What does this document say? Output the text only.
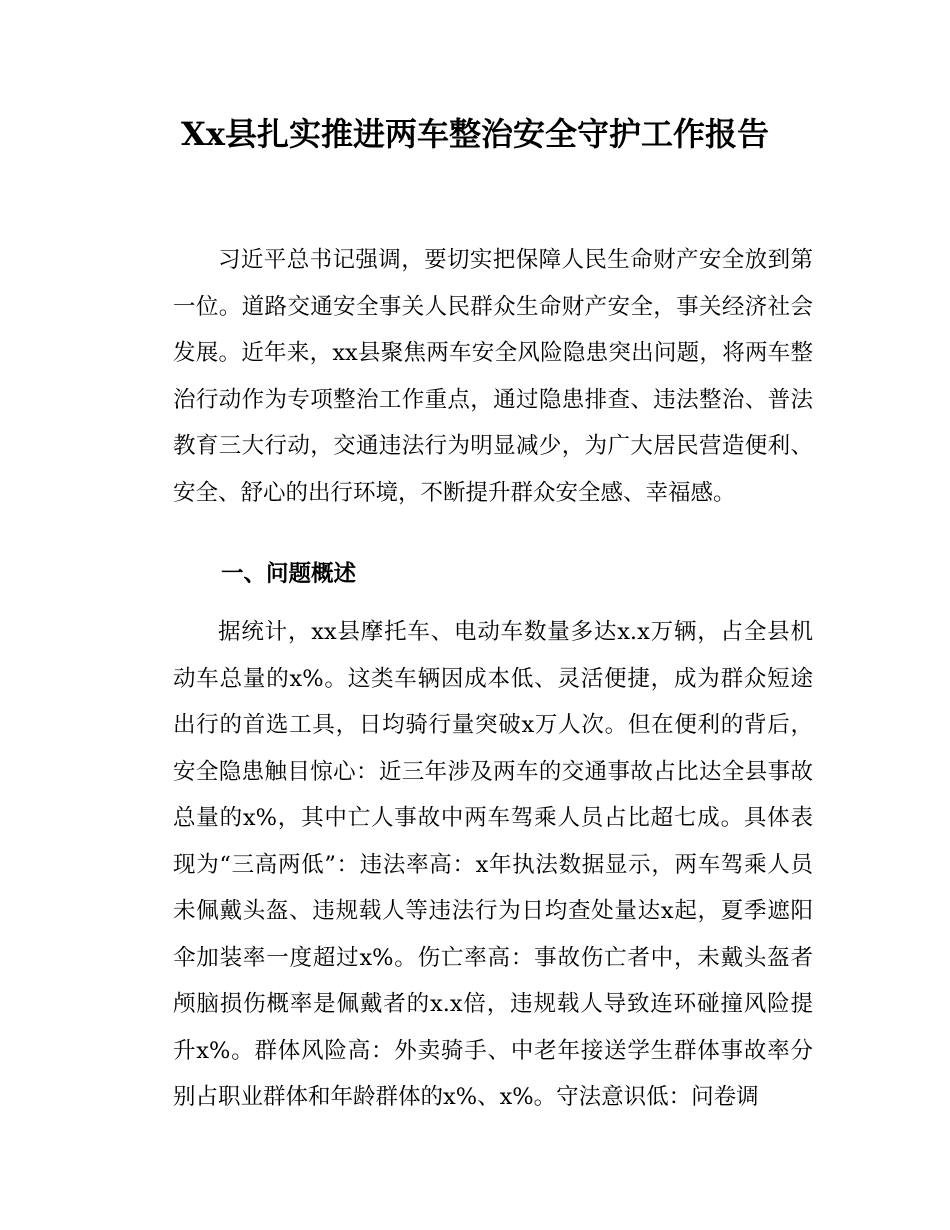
Xx县扎实推进两车整治安全守护工作报告

习近平总书记强调，要切实把保障人民生命财产安全放到第一位。道路交通安全事关人民群众生命财产安全，事关经济社会发展。近年来，xx县聚焦两车安全风险隐患突出问题，将两车整治行动作为专项整治工作重点，通过隐患排查、违法整治、普法教育三大行动，交通违法行为明显减少，为广大居民营造便利、安全、舒心的出行环境，不断提升群众安全感、幸福感。

一、问题概述

据统计，xx县摩托车、电动车数量多达x.x万辆，占全县机动车总量的x%。这类车辆因成本低、灵活便捷，成为群众短途出行的首选工具，日均骑行量突破x万人次。但在便利的背后，安全隐患触目惊心：近三年涉及两车的交通事故占比达全县事故总量的x%，其中亡人事故中两车驾乘人员占比超七成。具体表现为“三高两低”：违法率高：x年执法数据显示，两车驾乘人员未佩戴头盔、违规载人等违法行为日均查处量达x起，夏季遮阳伞加装率一度超过x%。伤亡率高：事故伤亡者中，未戴头盔者颅脑损伤概率是佩戴者的x.x倍，违规载人导致连环碰撞风险提升x%。群体风险高：外卖骑手、中老年接送学生群体事故率分别占职业群体和年龄群体的x%、x%。守法意识低：问卷调
